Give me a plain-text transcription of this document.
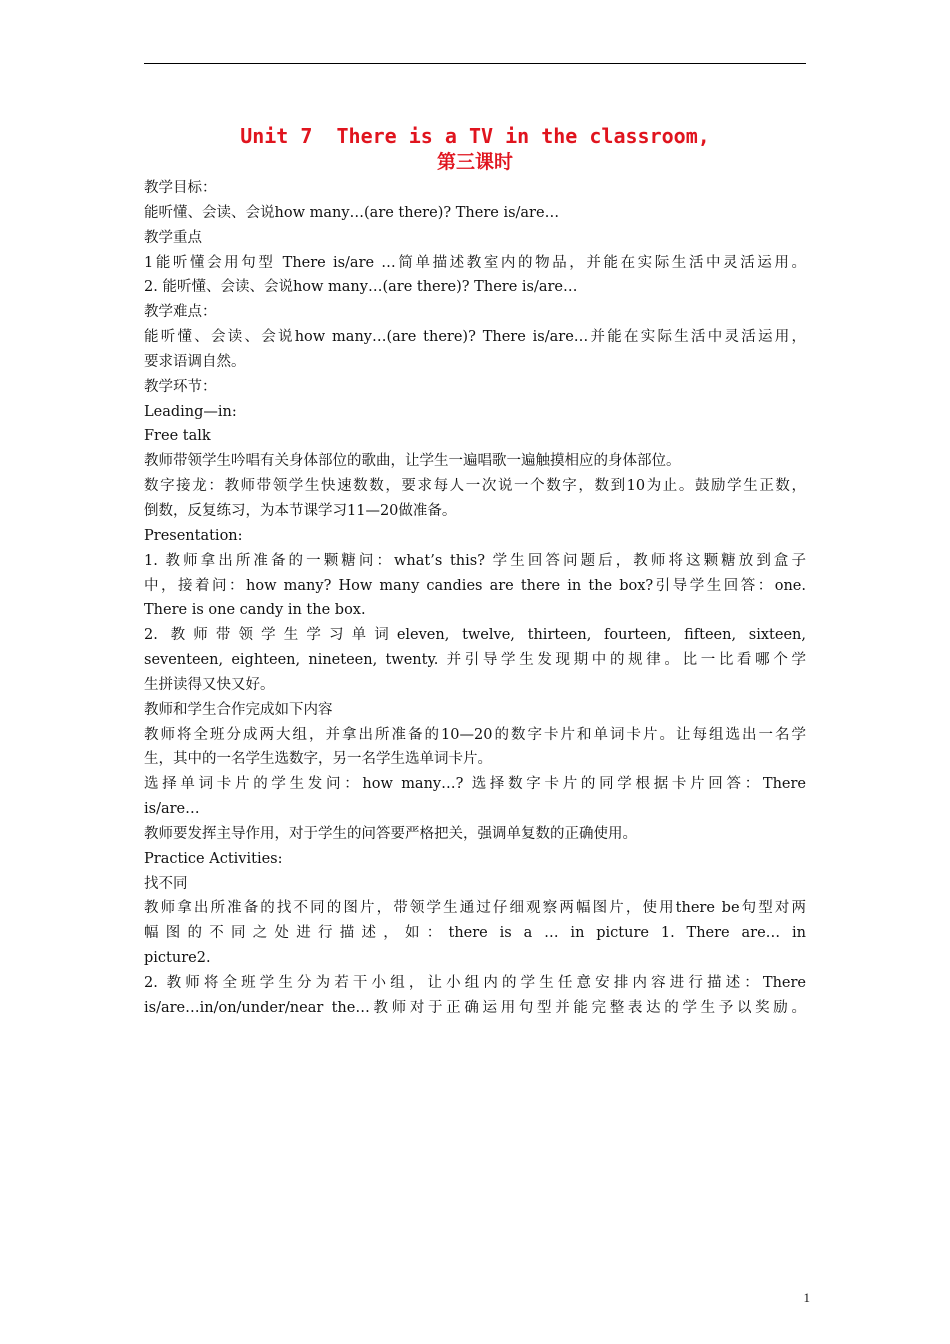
Unit 7  There is a TV in the classroom,
第三课时
教学目标：
能听懂、会读、会说how many…(are there)? There is/are…
教学重点
1能听懂会用句型 There is/are …简单描述教室内的物品，并能在实际生活中灵活运用。
2. 能听懂、会读、会说how many…(are there)? There is/are…
教学难点：
能听懂、会读、会说how many…(are there)? There is/are…并能在实际生活中灵活运用，
要求语调自然。
教学环节：
Leading—in:
Free talk
教师带领学生吟唱有关身体部位的歌曲，让学生一遍唱歌一遍触摸相应的身体部位。
数字接龙：教师带领学生快速数数，要求每人一次说一个数字，数到10为止。鼓励学生正数，
倒数，反复练习，为本节课学习11—20做准备。
Presentation:
1. 教师拿出所准备的一颗糖问：what’s this? 学生回答问题后，教师将这颗糖放到盒子
中，接着问：how many? How many candies are there in the box?引导学生回答：one.
There is one candy in the box.
2. 教师带领学生学习单词eleven, twelve, thirteen, fourteen, fifteen, sixteen,
seventeen, eighteen, nineteen, twenty. 并引导学生发现期中的规律。比一比看哪个学
生拼读得又快又好。
教师和学生合作完成如下内容
教师将全班分成两大组，并拿出所准备的10—20的数字卡片和单词卡片。让每组选出一名学
生，其中的一名学生选数字，另一名学生选单词卡片。
选择单词卡片的学生发问：how many…? 选择数字卡片的同学根据卡片回答：There
is/are…
教师要发挥主导作用，对于学生的问答要严格把关，强调单复数的正确使用。
Practice Activities:
找不同
教师拿出所准备的找不同的图片，带领学生通过仔细观察两幅图片，使用there be句型对两
幅图的不同之处进行描述，如：there is a … in picture 1. There are… in
picture2.
2. 教师将全班学生分为若干小组，让小组内的学生任意安排内容进行描述：There
is/are…in/on/under/near the…教师对于正确运用句型并能完整表达的学生予以奖励。
1
